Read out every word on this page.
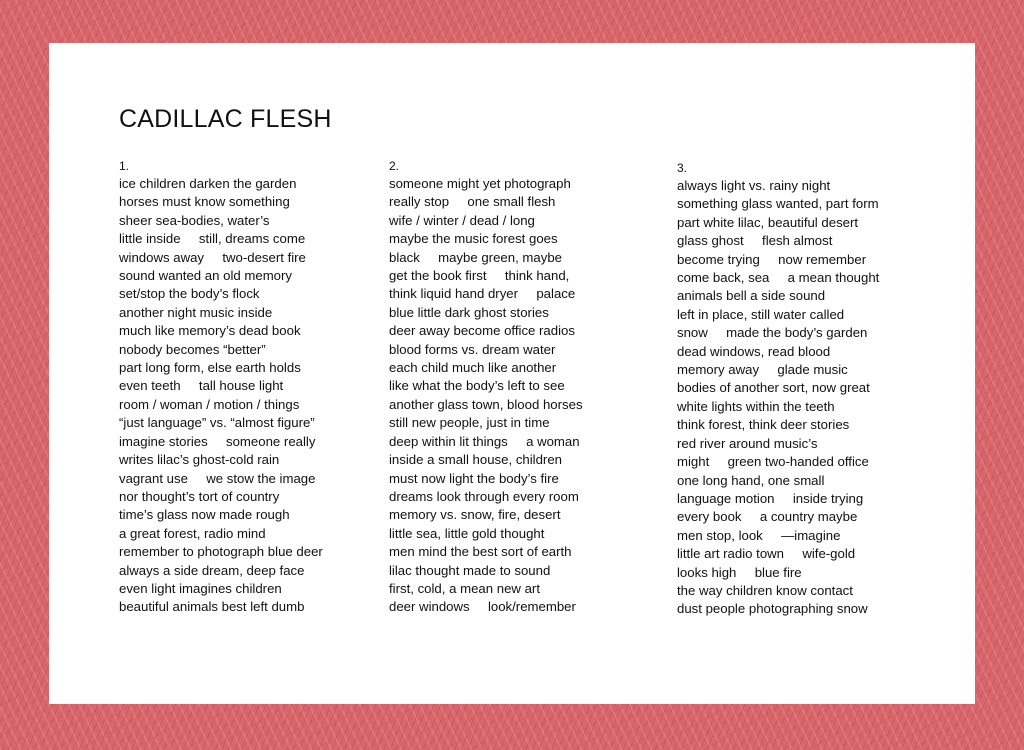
CADILLAC FLESH
1.
ice children darken the garden
horses must know something
sheer sea-bodies, water’s
little inside     still, dreams come
windows away     two-desert fire
sound wanted an old memory
set/stop the body’s flock
another night music inside
much like memory’s dead book
nobody becomes “better”
part long form, else earth holds
even teeth     tall house light
room / woman / motion / things
“just language” vs. “almost figure”
imagine stories     someone really
writes lilac’s ghost-cold rain
vagrant use     we stow the image
nor thought’s tort of country
time’s glass now made rough
a great forest, radio mind
remember to photograph blue deer
always a side dream, deep face
even light imagines children
beautiful animals best left dumb
2.
someone might yet photograph
really stop     one small flesh
wife / winter / dead / long
maybe the music forest goes
black     maybe green, maybe
get the book first     think hand,
think liquid hand dryer     palace
blue little dark ghost stories
deer away become office radios
blood forms vs. dream water
each child much like another
like what the body’s left to see
another glass town, blood horses
still new people, just in time
deep within lit things     a woman
inside a small house, children
must now light the body’s fire
dreams look through every room
memory vs. snow, fire, desert
little sea, little gold thought
men mind the best sort of earth
lilac thought made to sound
first, cold, a mean new art
deer windows     look/remember
3.
always light vs. rainy night
something glass wanted, part form
part white lilac, beautiful desert
glass ghost     flesh almost
become trying     now remember
come back, sea     a mean thought
animals bell a side sound
left in place, still water called
snow     made the body’s garden
dead windows, read blood
memory away     glade music
bodies of another sort, now great
white lights within the teeth
think forest, think deer stories
red river around music’s
might     green two-handed office
one long hand, one small
language motion     inside trying
every book     a country maybe
men stop, look     —imagine
little art radio town     wife-gold
looks high     blue fire
the way children know contact
dust people photographing snow
